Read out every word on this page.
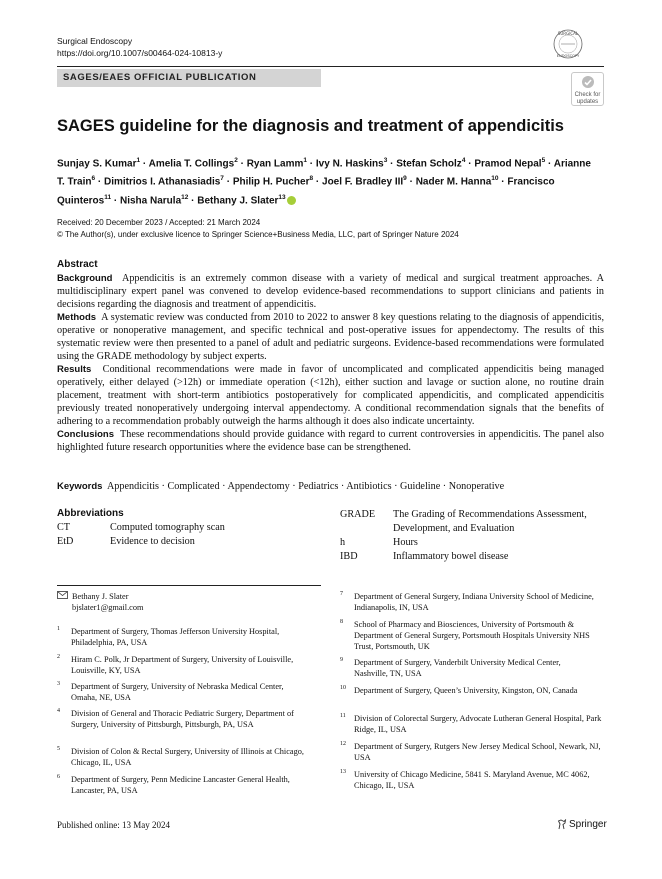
Surgical Endoscopy
https://doi.org/10.1007/s00464-024-10813-y
SURGICAL
ENDOSCOPY
SAGES/EAES OFFICIAL PUBLICATION
Check for
updates
SAGES guideline for the diagnosis and treatment of appendicitis
Sunjay S. Kumar$^1$ · Amelia T. Collings$^2$ · Ryan Lamm$^1$ · Ivy N. Haskins$^3$ · Stefan Scholz$^4$ · Pramod Nepal$^5$ · Arianne T. Train$^6$ · Dimitrios I. Athanasiadis$^7$ · Philip H. Pucher$^8$ · Joel F. Bradley $III^9$ · Nader M. Hanna$^{10}$ · Francisco Quinteros$^{11}$ · Nisha Narula$^{12}$ · Bethany J. Slater$^{13}$
Received: 20 December 2023 / Accepted: 21 March 2024
© The Author(s), under exclusive licence to Springer Science+Business Media, LLC, part of Springer Nature 2024
Abstract

Background Appendicitis is an extremely common disease with a variety of medical and surgical treatment approaches. A multidisciplinary expert panel was convened to develop evidence-based recommendations to support clinicians and patients in decisions regarding the diagnosis and treatment of appendicitis.

Methods A systematic review was conducted from 2010 to 2022 to answer 8 key questions relating to the diagnosis of appendicitis, operative or nonoperative management, and specific technical and post-operative issues for appendectomy. The results of this systematic review were then presented to a panel of adult and pediatric surgeons. Evidence-based recommendations were formulated using the GRADE methodology by subject experts.

Results Conditional recommendations were made in favor of uncomplicated and complicated appendicitis being managed operatively, either delayed (>12h) or immediate operation (<12h), either suction and lavage or suction alone, no routine drain placement, treatment with short-term antibiotics postoperatively for complicated appendicitis, and complicated appendicitis previously treated nonoperatively undergoing interval appendectomy. A conditional recommendation signals that the benefits of adhering to a recommendation probably outweigh the harms although it does also indicate uncertainty.

Conclusions These recommendations should provide guidance with regard to current controversies in appendicitis. The panel also highlighted future research opportunities where the evidence base can be strengthened.

Keywords Appendicitis · Complicated · Appendectomy · Pediatrics · Antibiotics · Guideline · Nonoperative
Abbreviations
CT	Computed tomography scan
EtD	Evidence to decision
GRADE	The Grading of Recommendations Assessment, Development, and Evaluation
h	Hours
IBD	Inflammatory bowel disease
Bethany J. Slater
bjslater1@gmail.com
1	Department of Surgery, Thomas Jefferson University Hospital, Philadelphia, PA, USA
2	Hiram C. Polk, Jr Department of Surgery, University of Louisville, Louisville, KY, USA
3	Department of Surgery, University of Nebraska Medical Center, Omaha, NE, USA
4	Division of General and Thoracic Pediatric Surgery, Department of Surgery, University of Pittsburgh, Pittsburgh, PA, USA
5	Division of Colon & Rectal Surgery, University of Illinois at Chicago, Chicago, IL, USA
6	Department of Surgery, Penn Medicine Lancaster General Health, Lancaster, PA, USA
7	Department of General Surgery, Indiana University School of Medicine, Indianapolis, IN, USA
8	School of Pharmacy and Biosciences, University of Portsmouth & Department of General Surgery, Portsmouth Hospitals University NHS Trust, Portsmouth, UK
9	Department of Surgery, Vanderbilt University Medical Center, Nashville, TN, USA
10 Department of Surgery, Queen’s University, Kingston, ON, Canada
11 Division of Colorectal Surgery, Advocate Lutheran General Hospital, Park Ridge, IL, USA
12 Department of Surgery, Rutgers New Jersey Medical School, Newark, NJ, USA
13 University of Chicago Medicine, 5841 S. Maryland Avenue, MC 4062, Chicago, IL, USA
Published online: 13 May 2024	Springer
